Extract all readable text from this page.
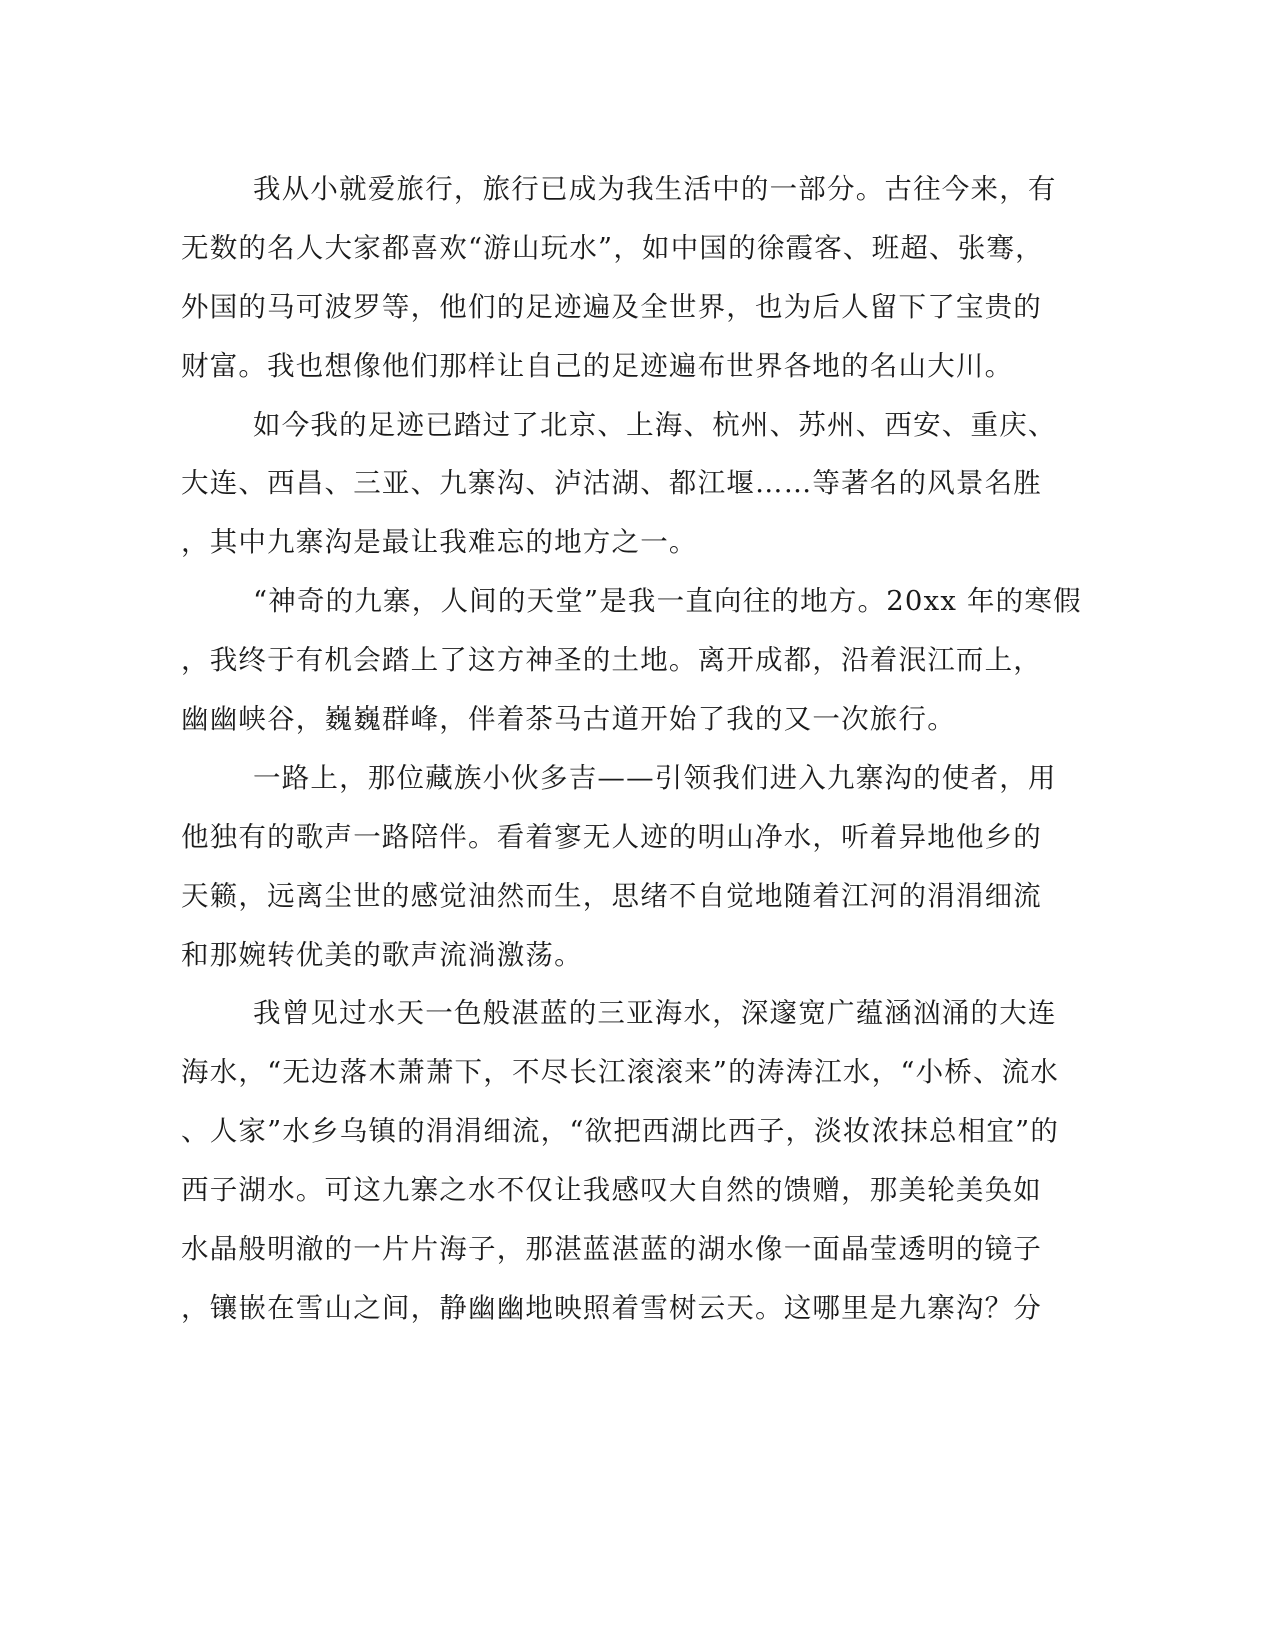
我从小就爱旅行，旅行已成为我生活中的一部分。古往今来，有
无数的名人大家都喜欢“游山玩水”，如中国的徐霞客、班超、张骞，
外国的马可波罗等，他们的足迹遍及全世界，也为后人留下了宝贵的
财富。我也想像他们那样让自己的足迹遍布世界各地的名山大川。
如今我的足迹已踏过了北京、上海、杭州、苏州、西安、重庆、
大连、西昌、三亚、九寨沟、泸沽湖、都江堰……等著名的风景名胜
，其中九寨沟是最让我难忘的地方之一。
“神奇的九寨，人间的天堂”是我一直向往的地方。20xx 年的寒假
，我终于有机会踏上了这方神圣的土地。离开成都，沿着泯江而上，
幽幽峡谷，巍巍群峰，伴着茶马古道开始了我的又一次旅行。
一路上，那位藏族小伙多吉——引领我们进入九寨沟的使者，用
他独有的歌声一路陪伴。看着寥无人迹的明山净水，听着异地他乡的
天籁，远离尘世的感觉油然而生，思绪不自觉地随着江河的涓涓细流
和那婉转优美的歌声流淌激荡。
我曾见过水天一色般湛蓝的三亚海水，深邃宽广蕴涵汹涌的大连
海水，“无边落木萧萧下，不尽长江滚滚来”的涛涛江水，“小桥、流水
、人家”水乡乌镇的涓涓细流，“欲把西湖比西子，淡妆浓抹总相宜”的
西子湖水。可这九寨之水不仅让我感叹大自然的馈赠，那美轮美奂如
水晶般明澈的一片片海子，那湛蓝湛蓝的湖水像一面晶莹透明的镜子
，镶嵌在雪山之间，静幽幽地映照着雪树云天。这哪里是九寨沟？分
